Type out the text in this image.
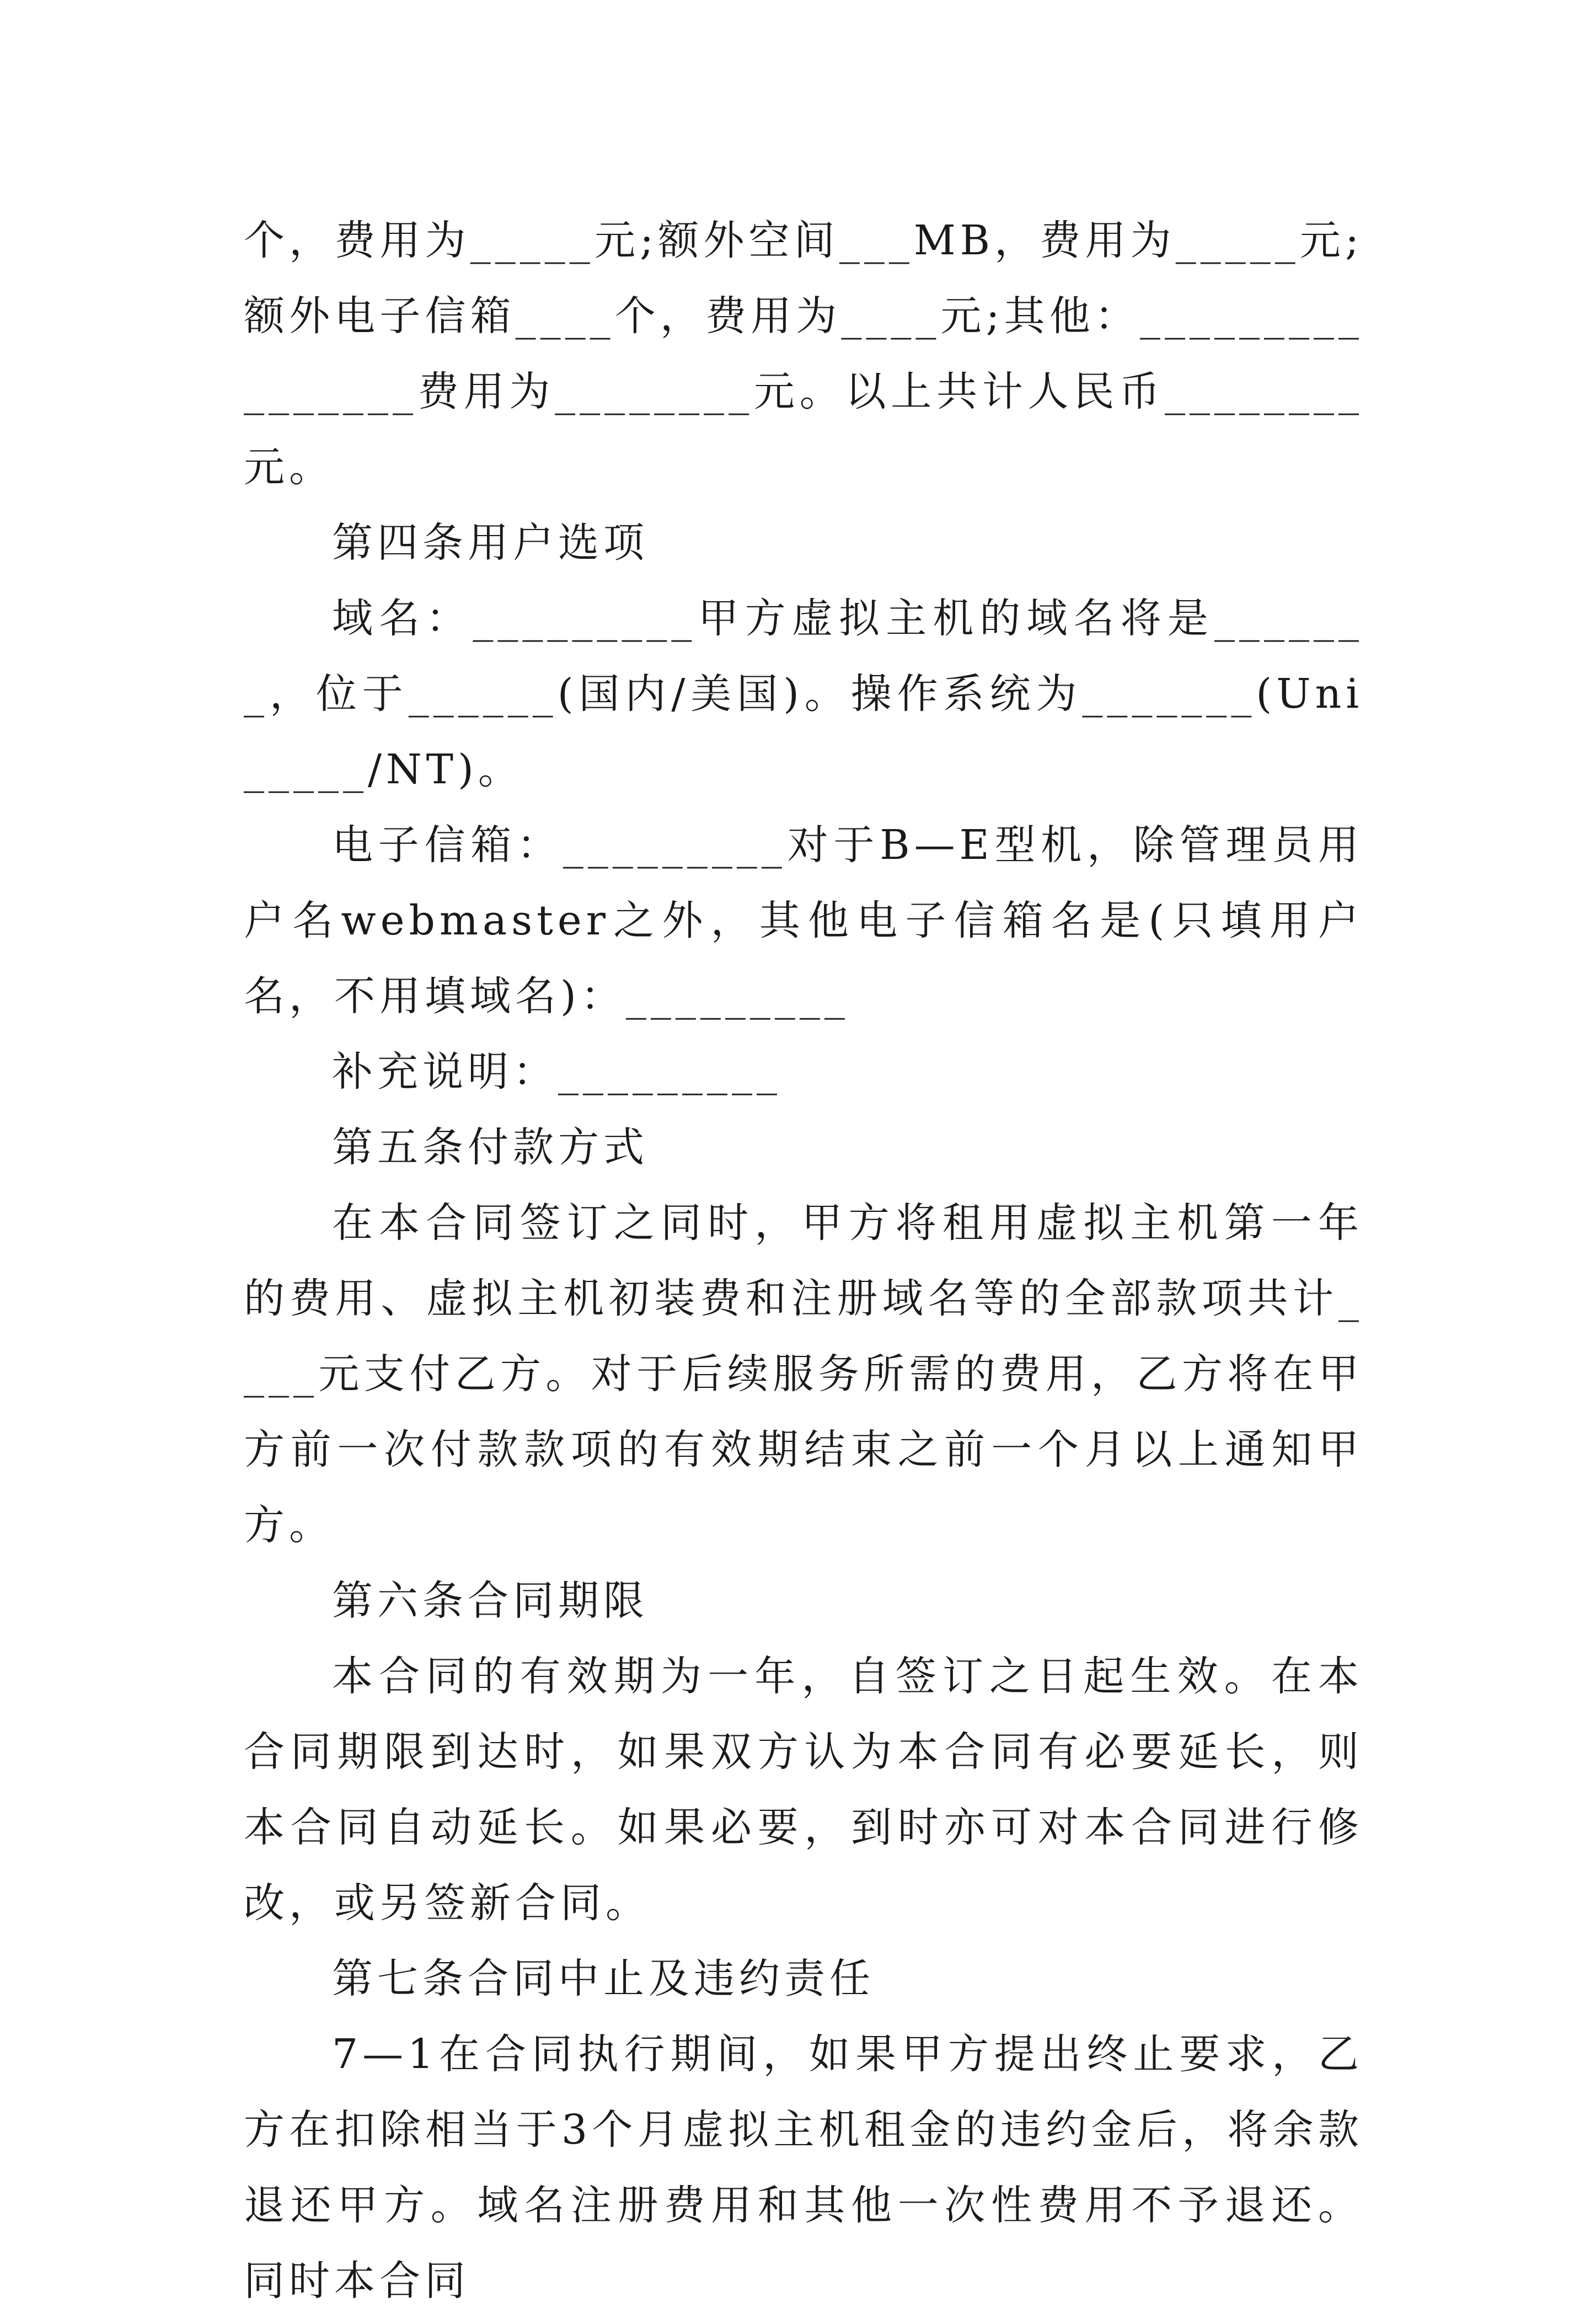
个，费用为_____元;额外空间___MB，费用为_____元;额外电子信箱____个，费用为____元;其他：________________费用为________元。以上共计人民币________元。

第四条用户选项

域名：_________甲方虚拟主机的域名将是_______，位于______(国内/美国)。操作系统为_______(Uni_____/NT)。

电子信箱：_________对于B—E型机，除管理员用户名webmaster之外，其他电子信箱名是(只填用户名，不用填域名)：_________

补充说明：_________

第五条付款方式

在本合同签订之同时，甲方将租用虚拟主机第一年的费用、虚拟主机初装费和注册域名等的全部款项共计____元支付乙方。对于后续服务所需的费用，乙方将在甲方前一次付款款项的有效期结束之前一个月以上通知甲方。

第六条合同期限

本合同的有效期为一年，自签订之日起生效。在本合同期限到达时，如果双方认为本合同有必要延长，则本合同自动延长。如果必要，到时亦可对本合同进行修改，或另签新合同。

第七条合同中止及违约责任

7—1在合同执行期间，如果甲方提出终止要求，乙方在扣除相当于3个月虚拟主机租金的违约金后，将余款退还甲方。域名注册费用和其他一次性费用不予退还。同时本合同
